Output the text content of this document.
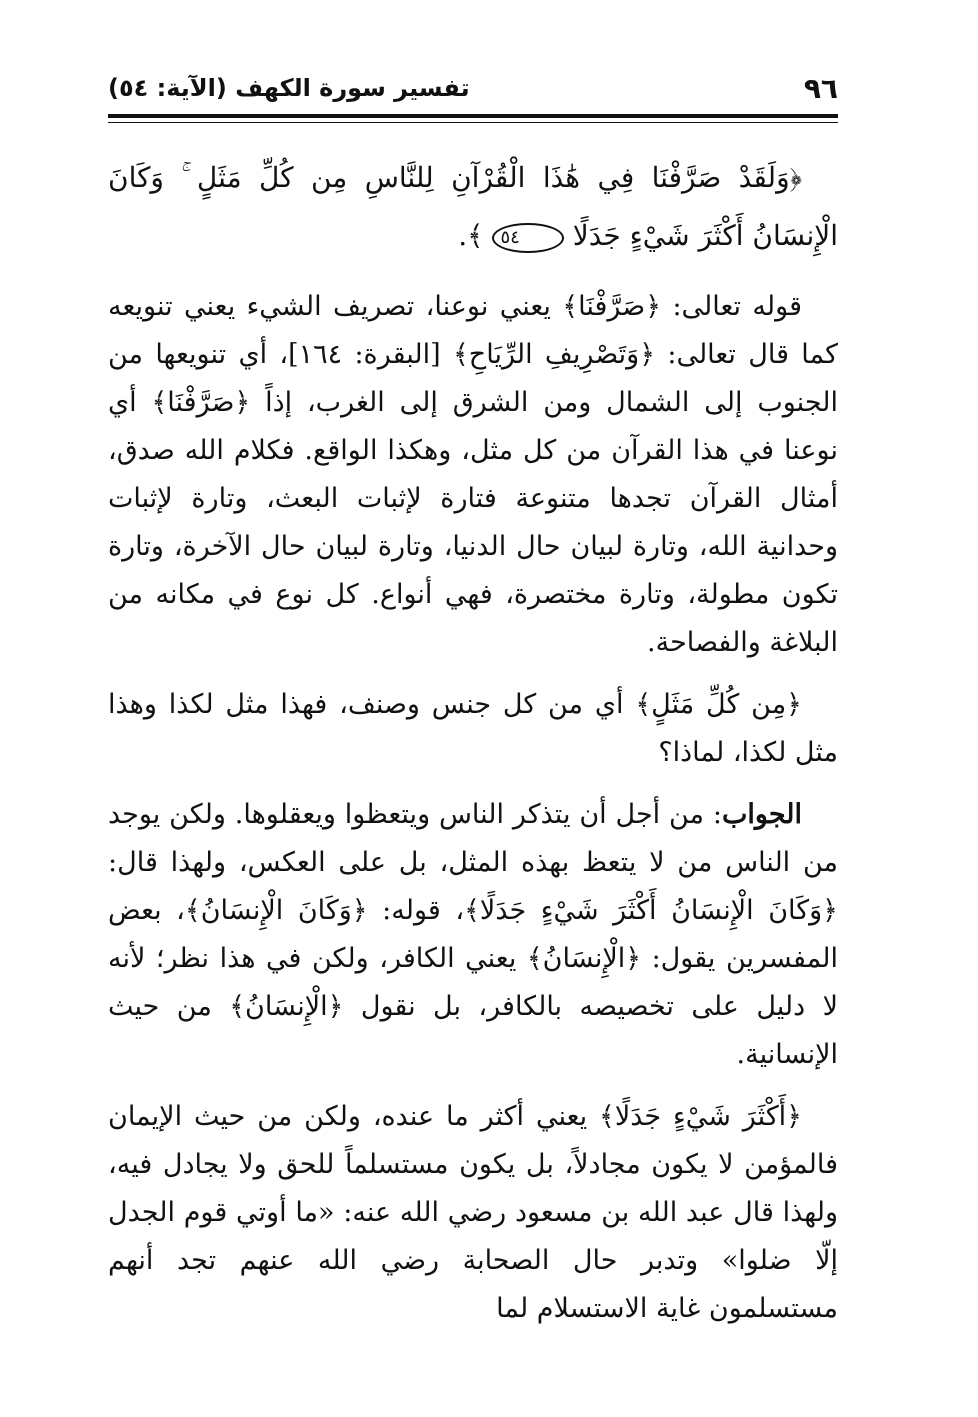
٩٦
تفسير سورة الكهف (الآية: ٥٤)

﴿وَلَقَدْ صَرَّفْنَا فِي هَٰذَا الْقُرْآنِ لِلنَّاسِ مِن كُلِّ مَثَلٍ ۚ وَكَانَ الْإِنسَانُ أَكْثَرَ شَيْءٍ جَدَلًا ٥٤ ﴾.

قوله تعالى: ﴿صَرَّفْنَا﴾ يعني نوعنا، تصريف الشيء يعني تنويعه كما قال تعالى: ﴿وَتَصْرِيفِ الرِّيَاحِ﴾ [البقرة: ١٦٤]، أي تنويعها من الجنوب إلى الشمال ومن الشرق إلى الغرب، إذاً ﴿صَرَّفْنَا﴾ أي نوعنا في هذا القرآن من كل مثل، وهكذا الواقع. فكلام الله صدق، أمثال القرآن تجدها متنوعة فتارة لإثبات البعث، وتارة لإثبات وحدانية الله، وتارة لبيان حال الدنيا، وتارة لبيان حال الآخرة، وتارة تكون مطولة، وتارة مختصرة، فهي أنواع. كل نوع في مكانه من البلاغة والفصاحة.

﴿مِن كُلِّ مَثَلٍ﴾ أي من كل جنس وصنف، فهذا مثل لكذا وهذا مثل لكذا، لماذا؟

الجواب: من أجل أن يتذكر الناس ويتعظوا ويعقلوها. ولكن يوجد من الناس من لا يتعظ بهذه المثل، بل على العكس، ولهذا قال: ﴿وَكَانَ الْإِنسَانُ أَكْثَرَ شَيْءٍ جَدَلًا﴾، قوله: ﴿وَكَانَ الْإِنسَانُ﴾، بعض المفسرين يقول: ﴿الْإِنسَانُ﴾ يعني الكافر، ولكن في هذا نظر؛ لأنه لا دليل على تخصيصه بالكافر، بل نقول ﴿الْإِنسَانُ﴾ من حيث الإنسانية.

﴿أَكْثَرَ شَيْءٍ جَدَلًا﴾ يعني أكثر ما عنده، ولكن من حيث الإيمان فالمؤمن لا يكون مجادلاً، بل يكون مستسلماً للحق ولا يجادل فيه، ولهذا قال عبد الله بن مسعود رضي الله عنه: «ما أوتي قوم الجدل إلّا ضلوا» وتدبر حال الصحابة رضي الله عنهم تجد أنهم مستسلمون غاية الاستسلام لما
